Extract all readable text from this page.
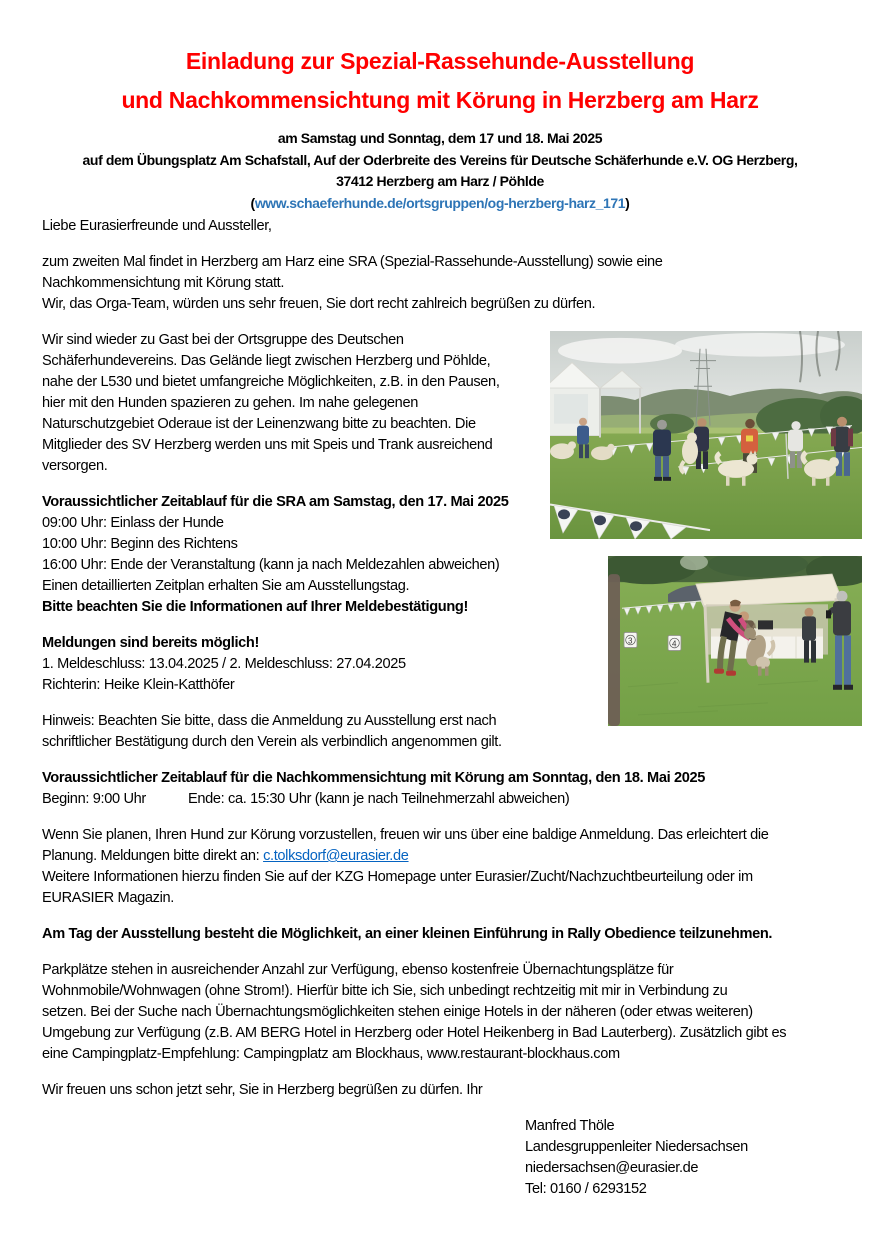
Einladung zur Spezial-Rassehunde-Ausstellung
und Nachkommensichtung mit Körung in Herzberg am Harz
am Samstag und Sonntag, dem 17 und 18. Mai 2025
auf dem Übungsplatz Am Schafstall, Auf der Oderbreite des Vereins für Deutsche Schäferhunde e.V. OG Herzberg,
37412 Herzberg am Harz / Pöhlde
(www.schaeferhunde.de/ortsgruppen/og-herzberg-harz_171)
Liebe Eurasierfreunde und Aussteller,
zum zweiten Mal findet in Herzberg am Harz eine SRA (Spezial-Rassehunde-Ausstellung) sowie eine
Nachkommensichtung mit Körung statt.
Wir, das Orga-Team, würden uns sehr freuen, Sie dort recht zahlreich begrüßen zu dürfen.
Wir sind wieder zu Gast bei der Ortsgruppe des Deutschen
Schäferhundevereins. Das Gelände liegt zwischen Herzberg und Pöhlde,
nahe der L530 und bietet umfangreiche Möglichkeiten, z.B. in den Pausen,
hier mit den Hunden spazieren zu gehen. Im nahe gelegenen
Naturschutzgebiet Oderaue ist der Leinenzwang bitte zu beachten. Die
Mitglieder des SV Herzberg werden uns mit Speis und Trank ausreichend
versorgen.
Voraussichtlicher Zeitablauf für die SRA am Samstag, den 17. Mai 2025
09:00 Uhr: Einlass der Hunde
10:00 Uhr: Beginn des Richtens
16:00 Uhr: Ende der Veranstaltung (kann ja nach Meldezahlen abweichen)
Einen detaillierten Zeitplan erhalten Sie am Ausstellungstag.
Bitte beachten Sie die Informationen auf Ihrer Meldebestätigung!
Meldungen sind bereits möglich!
1. Meldeschluss: 13.04.2025 / 2. Meldeschluss: 27.04.2025
Richterin: Heike Klein-Katthöfer
Hinweis: Beachten Sie bitte, dass die Anmeldung zu Ausstellung erst nach
schriftlicher Bestätigung durch den Verein als verbindlich angenommen gilt.
Voraussichtlicher Zeitablauf für die Nachkommensichtung mit Körung am Sonntag, den 18. Mai 2025
Beginn: 9:00 Uhr	Ende: ca. 15:30 Uhr (kann je nach Teilnehmerzahl abweichen)
Wenn Sie planen, Ihren Hund zur Körung vorzustellen, freuen wir uns über eine baldige Anmeldung. Das erleichtert die
Planung. Meldungen bitte direkt an: c.tolksdorf@eurasier.de
Weitere Informationen hierzu finden Sie auf der KZG Homepage unter Eurasier/Zucht/Nachzuchtbeurteilung oder im
EURASIER Magazin.
Am Tag der Ausstellung besteht die Möglichkeit, an einer kleinen Einführung in Rally Obedience teilzunehmen.
Parkplätze stehen in ausreichender Anzahl zur Verfügung, ebenso kostenfreie Übernachtungsplätze für
Wohnmobile/Wohnwagen (ohne Strom!). Hierfür bitte ich Sie, sich unbedingt rechtzeitig mit mir in Verbindung zu
setzen. Bei der Suche nach Übernachtungsmöglichkeiten stehen einige Hotels in der näheren (oder etwas weiteren)
Umgebung zur Verfügung (z.B. AM BERG Hotel in Herzberg oder Hotel Heikenberg in Bad Lauterberg). Zusätzlich gibt es
eine Campingplatz-Empfehlung: Campingplatz am Blockhaus, www.restaurant-blockhaus.com
Wir freuen uns schon jetzt sehr, Sie in Herzberg begrüßen zu dürfen. Ihr
Manfred Thöle
Landesgruppenleiter Niedersachsen
niedersachsen@eurasier.de
Tel: 0160 / 6293152
3	4
